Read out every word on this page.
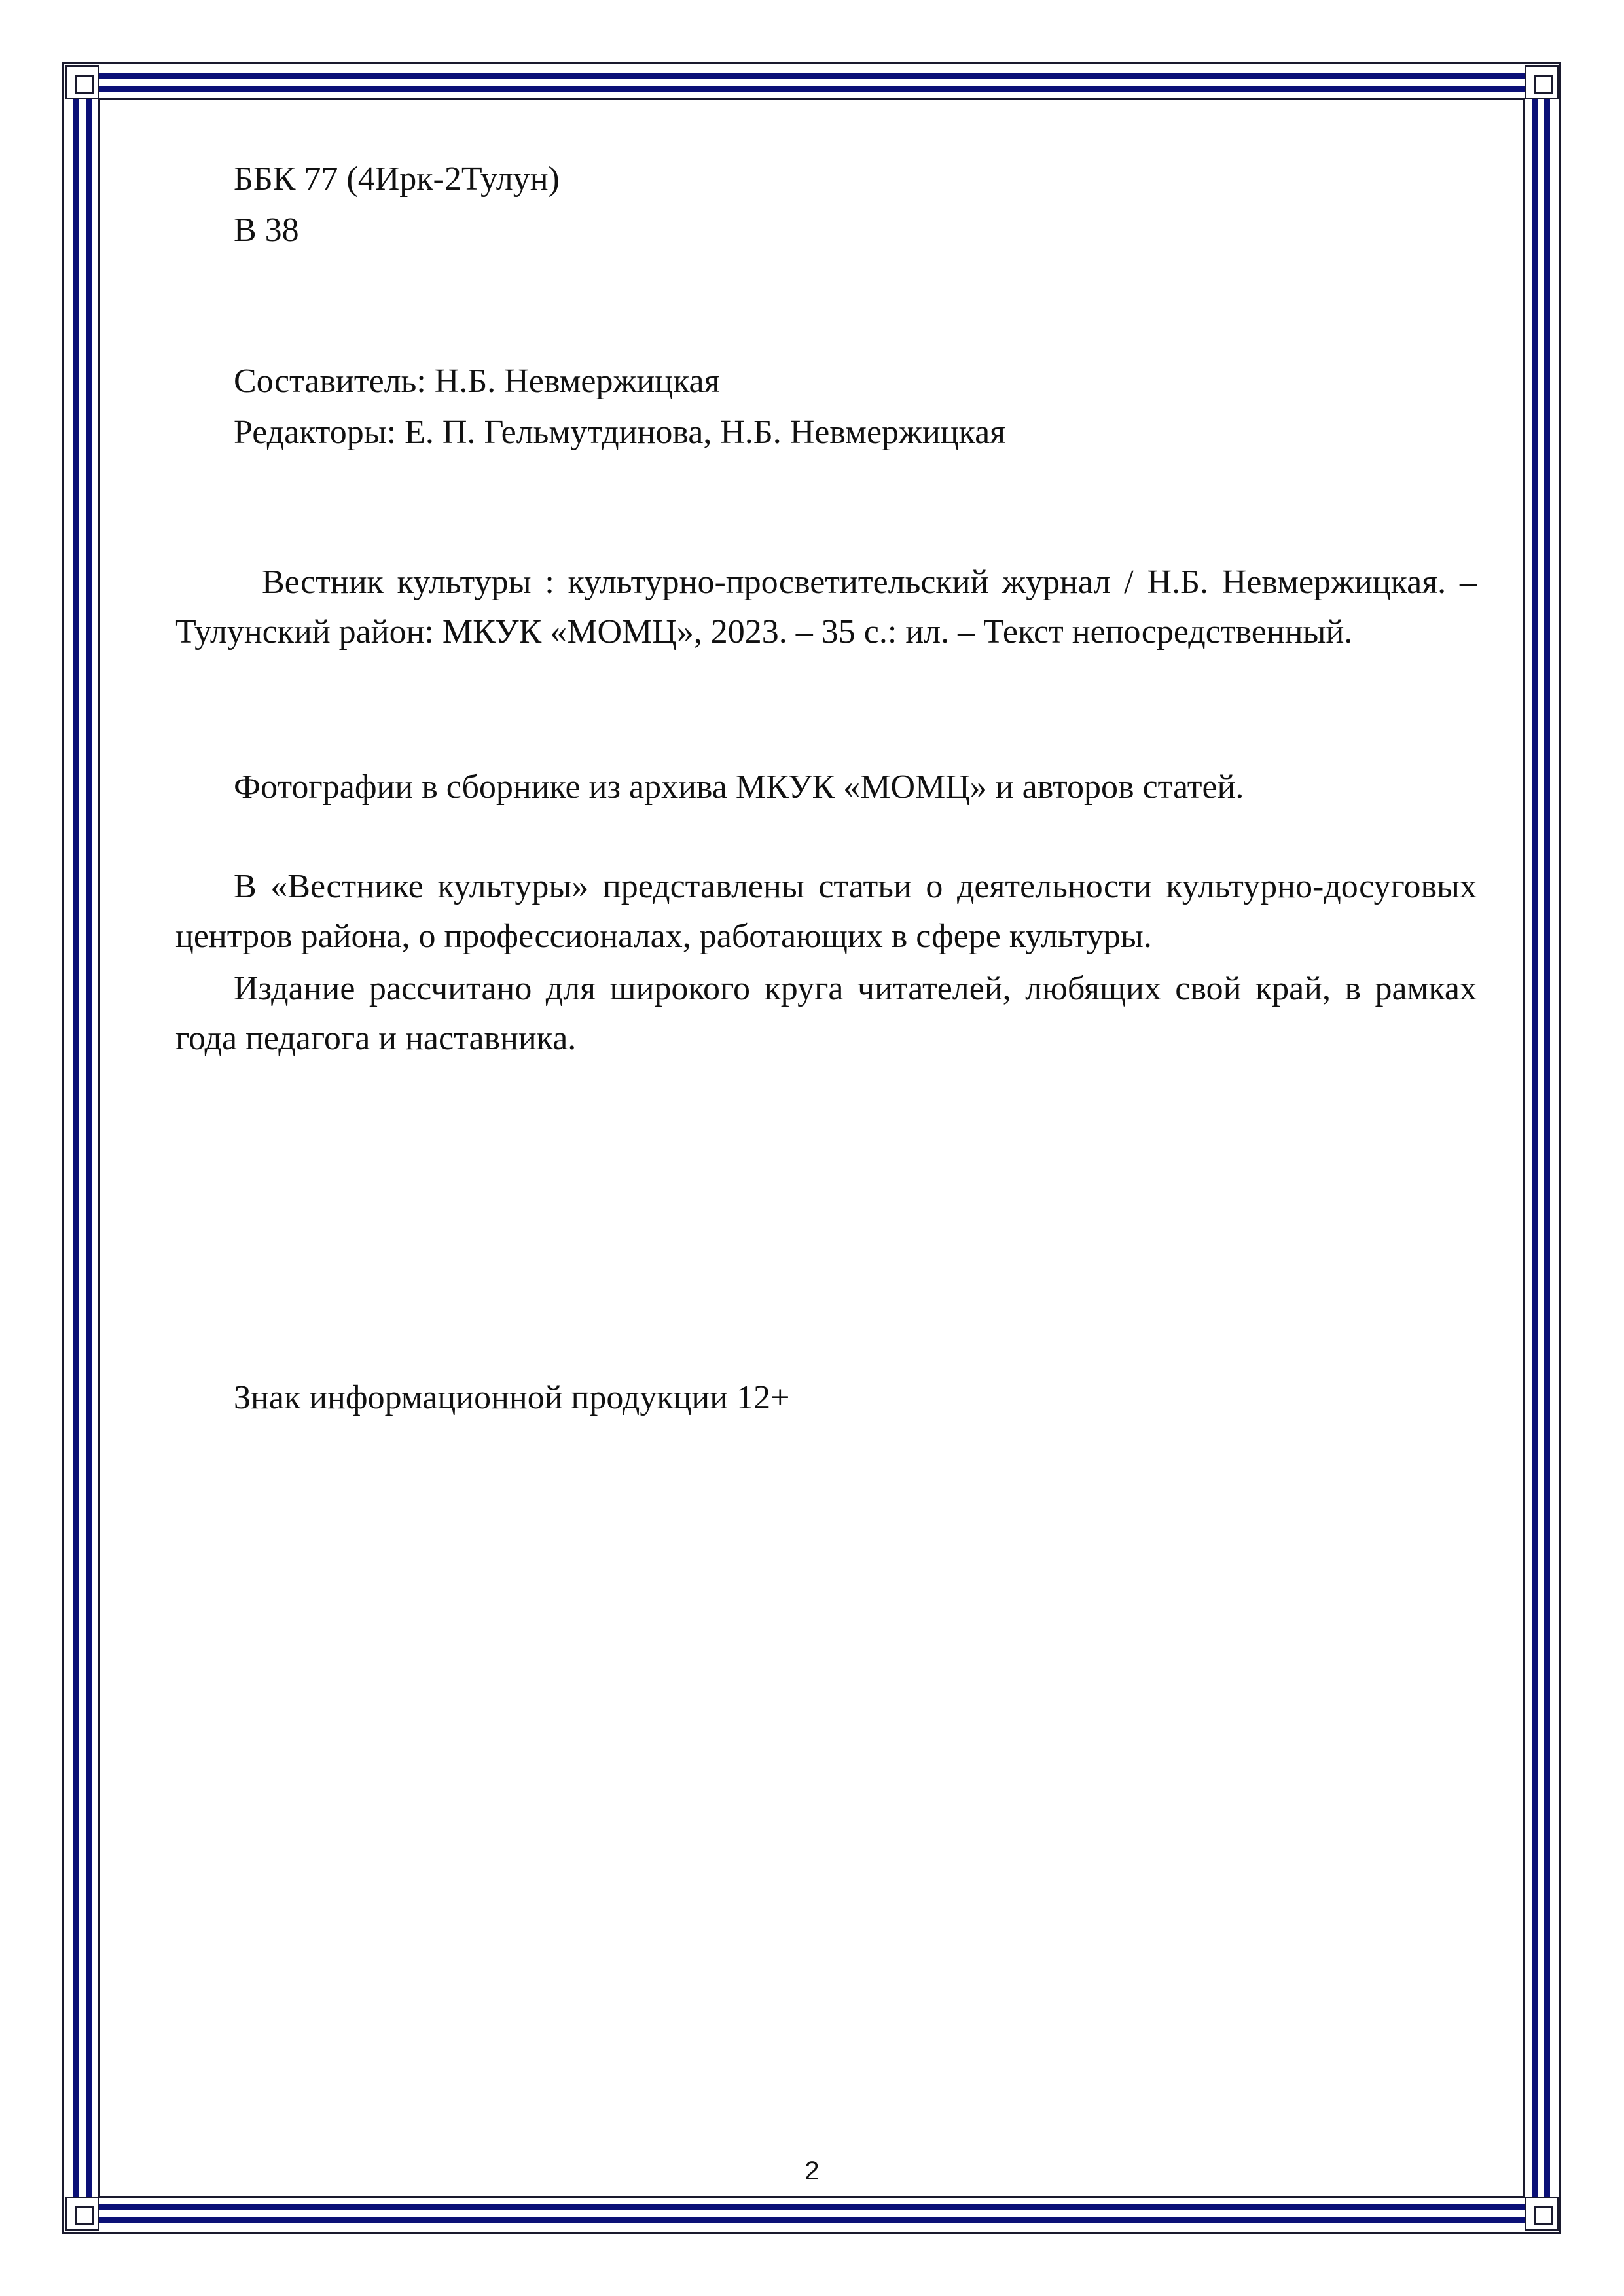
ББК 77 (4Ирк-2Тулун)
В 38
Составитель: Н.Б. Невмержицкая
Редакторы: Е. П. Гельмутдинова, Н.Б. Невмержицкая
Вестник культуры : культурно-просветительский журнал / Н.Б. Невмержицкая. – Тулунский район: МКУК «МОМЦ», 2023. – 35 с.: ил. – Текст непосредственный.
Фотографии в сборнике из архива МКУК «МОМЦ» и авторов статей.
В «Вестнике культуры» представлены статьи о деятельности культурно-досуговых центров района, о профессионалах, работающих в сфере культуры.
Издание рассчитано для широкого круга читателей, любящих свой край, в рамках года педагога и наставника.
Знак информационной продукции 12+
2
